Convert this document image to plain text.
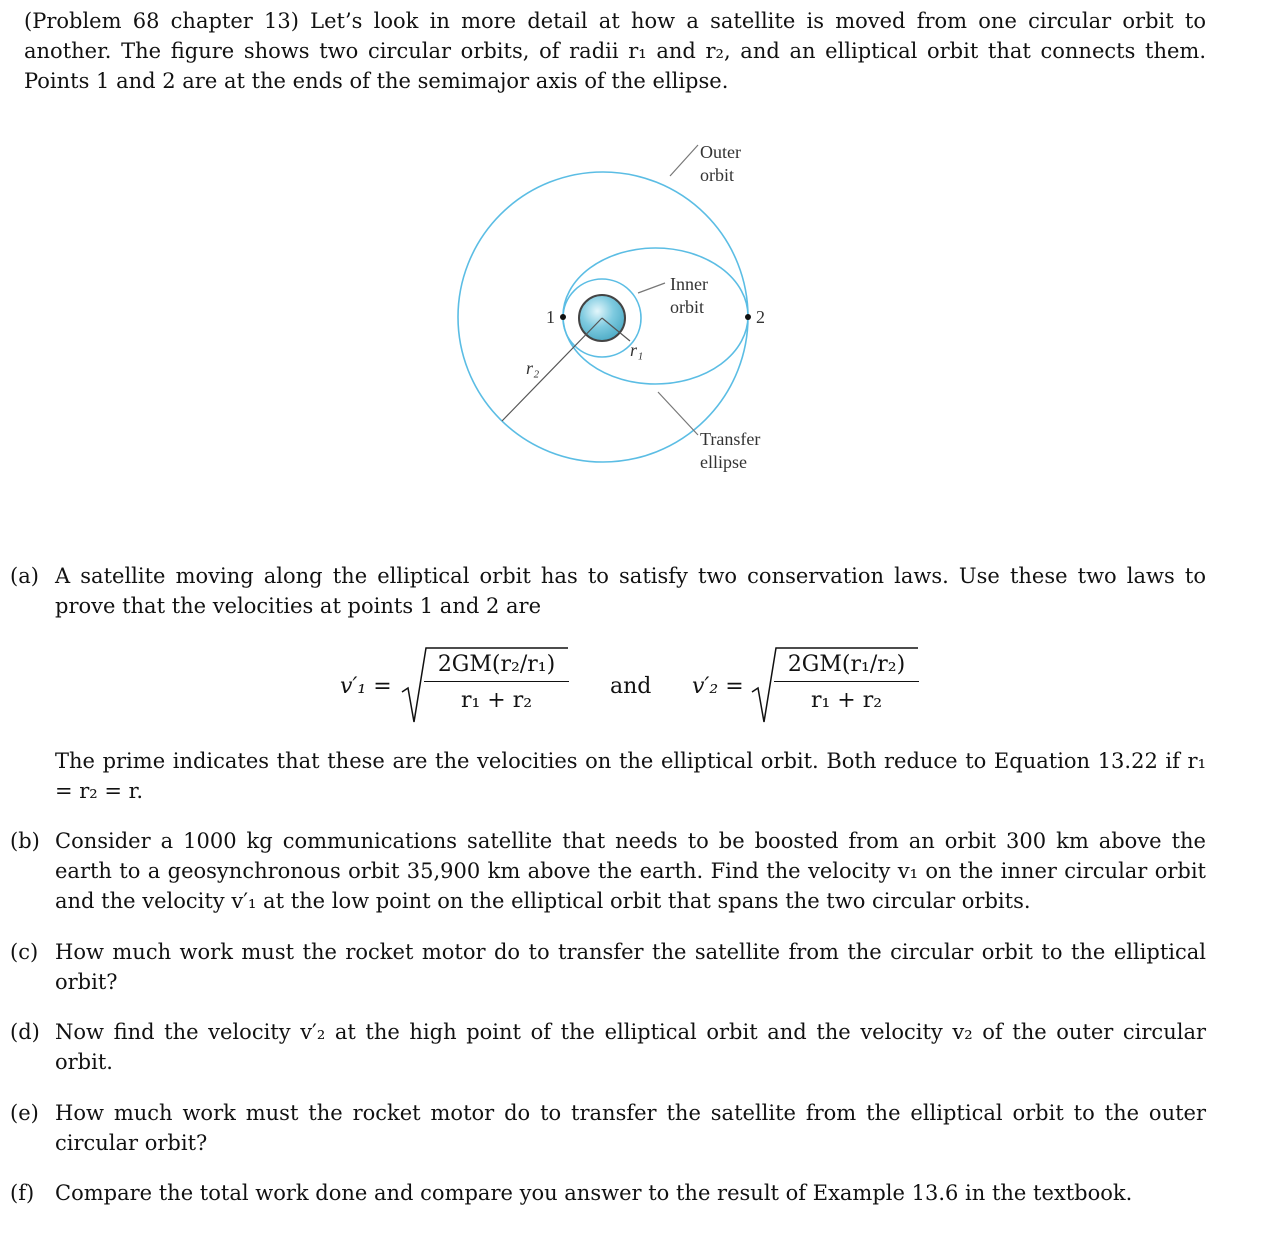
(Problem 68 chapter 13) Let’s look in more detail at how a satellite is moved from one circular orbit to another. The figure shows two circular orbits, of radii r₁ and r₂, and an elliptical orbit that connects them. Points 1 and 2 are at the ends of the semimajor axis of the ellipse.
Outer
orbit
Inner
orbit
Transfer
ellipse
1	2
r₁
r₂
(a) A satellite moving along the elliptical orbit has to satisfy two conservation laws. Use these two laws to prove that the velocities at points 1 and 2 are
$v'_1 = \frac{\text{2GM(r₂/r₁)}}{\text{r₁ + r₂}}$ and $v'_2 = \frac{\text{2GM(r₁/r₂)}}{\text{r₁ + r₂}}$
The prime indicates that these are the velocities on the elliptical orbit. Both reduce to Equation 13.22 if r₁ = r₂ = r.
(b) Consider a 1000 kg communications satellite that needs to be boosted from an orbit 300 km above the earth to a geosynchronous orbit 35,900 km above the earth. Find the velocity v₁ on the inner circular orbit and the velocity v′₁ at the low point on the elliptical orbit that spans the two circular orbits.
(c) How much work must the rocket motor do to transfer the satellite from the circular orbit to the elliptical orbit?
(d) Now find the velocity v′₂ at the high point of the elliptical orbit and the velocity v₂ of the outer circular orbit.
(e) How much work must the rocket motor do to transfer the satellite from the elliptical orbit to the outer circular orbit?
(f) Compare the total work done and compare you answer to the result of Example 13.6 in the textbook.
